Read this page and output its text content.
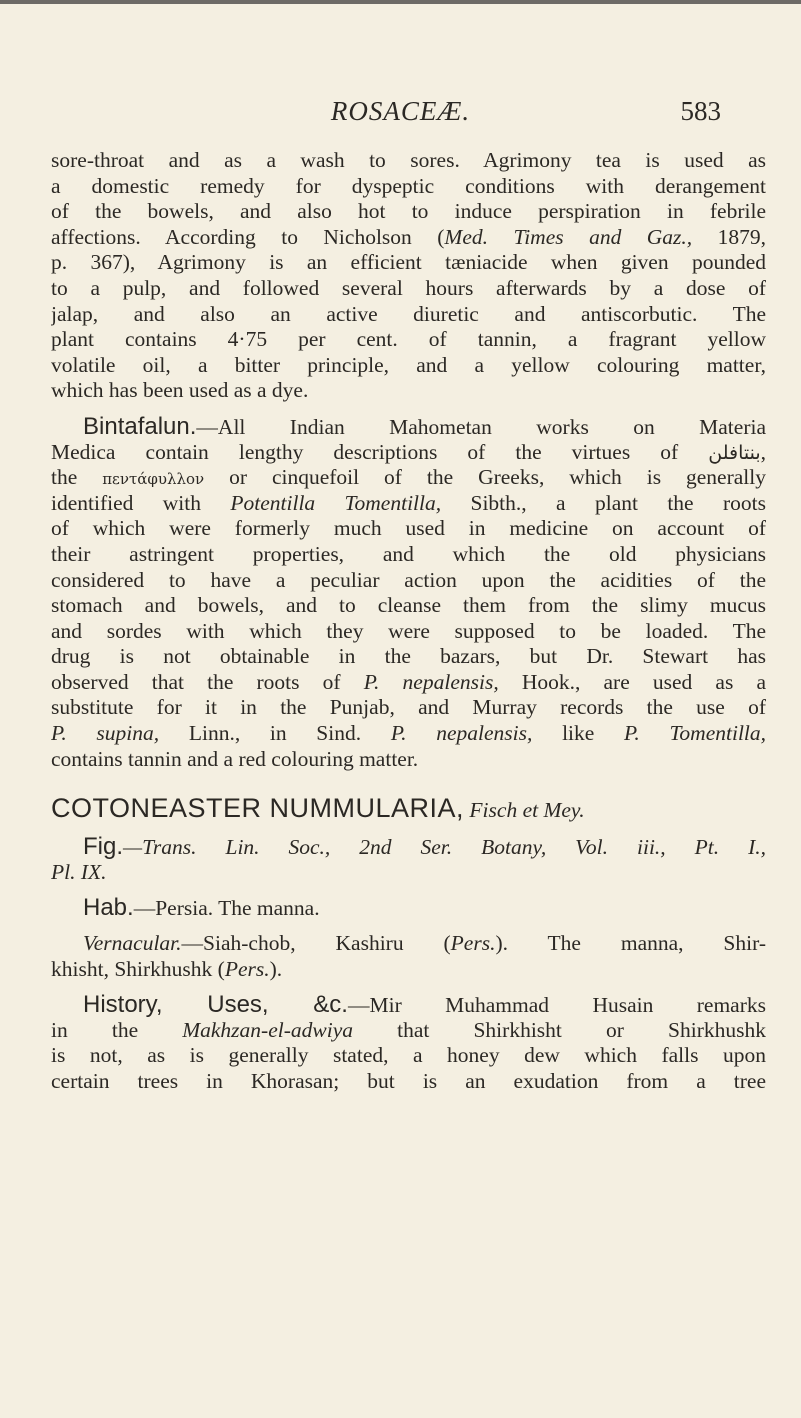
ROSACEÆ.	583
sore-throat and as a wash to sores. Agrimony tea is used as
a domestic remedy for dyspeptic conditions with derangement
of the bowels, and also hot to induce perspiration in febrile
affections. According to Nicholson (Med. Times and Gaz., 1879,
p. 367), Agrimony is an efficient tæniacide when given pounded
to a pulp, and followed several hours afterwards by a dose of
jalap, and also an active diuretic and antiscorbutic. The
plant contains 4·75 per cent. of tannin, a fragrant yellow
volatile oil, a bitter principle, and a yellow colouring matter,
which has been used as a dye.
Bintafalun.—All Indian Mahometan works on Materia
Medica contain lengthy descriptions of the virtues of بنتافلن,
the πεντάφυλλον or cinquefoil of the Greeks, which is generally
identified with Potentilla Tomentilla, Sibth., a plant the roots
of which were formerly much used in medicine on account of
their astringent properties, and which the old physicians
considered to have a peculiar action upon the acidities of the
stomach and bowels, and to cleanse them from the slimy mucus
and sordes with which they were supposed to be loaded. The
drug is not obtainable in the bazars, but Dr. Stewart has
observed that the roots of P. nepalensis, Hook., are used as a
substitute for it in the Punjab, and Murray records the use of
P. supina, Linn., in Sind. P. nepalensis, like P. Tomentilla,
contains tannin and a red colouring matter.
COTONEASTER NUMMULARIA, Fisch et Mey.
Fig.—Trans. Lin. Soc., 2nd Ser. Botany, Vol. iii., Pt. I.,
Pl. IX.
Hab.—Persia. The manna.
Vernacular.—Siah-chob, Kashiru (Pers.). The manna, Shir-
khisht, Shirkhushk (Pers.).
History, Uses, &c.—Mir Muhammad Husain remarks
in the Makhzan-el-adwiya that Shirkhisht or Shirkhushk
is not, as is generally stated, a honey dew which falls upon
certain trees in Khorasan; but is an exudation from a tree
